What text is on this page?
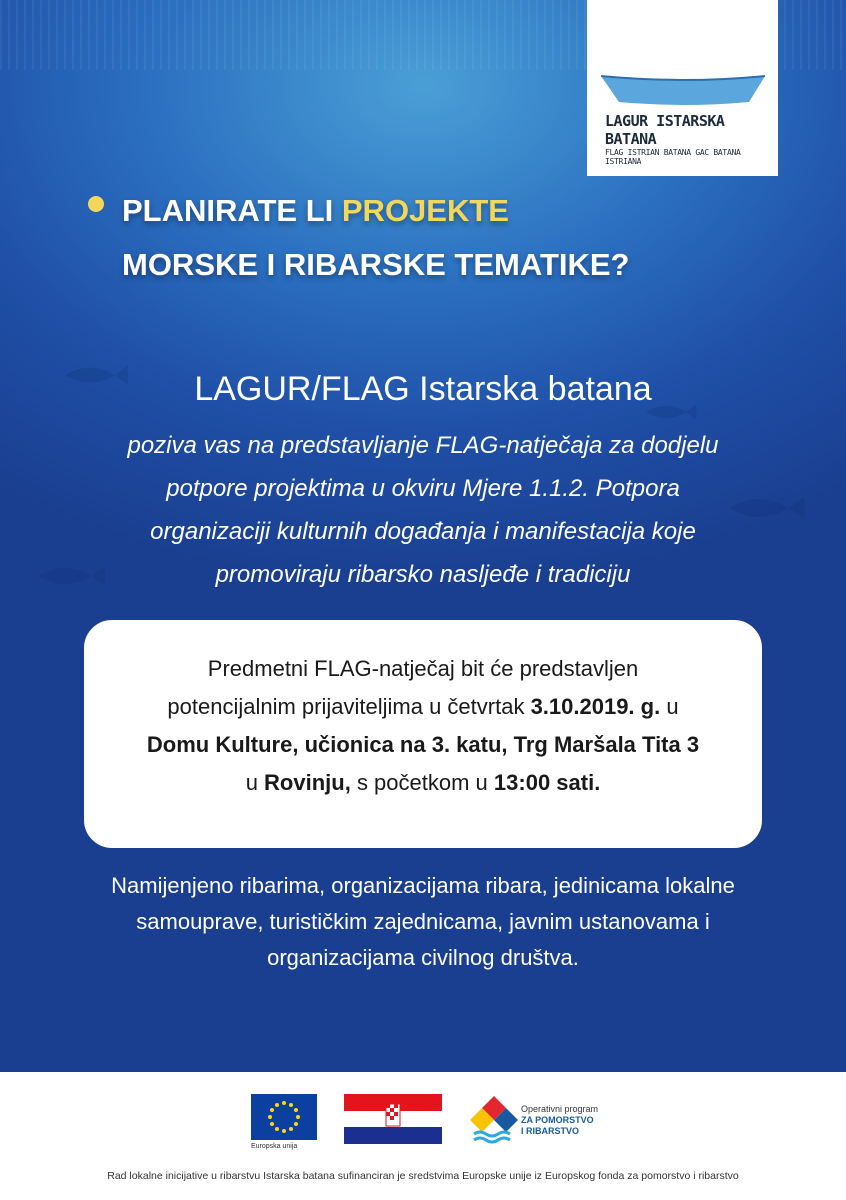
LAGUR ISTARSKA BATANA
FLAG ISTRIAN BATANA GAC BATANA ISTRIANA
PLANIRATE LI PROJEKTE
MORSKE I RIBARSKE TEMATIKE?
LAGUR/FLAG Istarska batana
poziva vas na predstavljanje FLAG-natječaja za dodjelu
potpore projektima u okviru Mjere 1.1.2. Potpora
organizaciji kulturnih događanja i manifestacija koje
promoviraju ribarsko nasljeđe i tradiciju
Predmetni FLAG-natječaj bit će predstavljen
potencijalnim prijaviteljima u četvrtak 3.10.2019. g. u
Domu Kulture, učionica na 3. katu, Trg Maršala Tita 3
u Rovinju, s početkom u 13:00 sati.
Namijenjeno ribarima, organizacijama ribara, jedinicama lokalne
samouprave, turističkim zajednicama, javnim ustanovama i
organizacijama civilnog društva.
Europska unija
Operativni program
ZA POMORSTVO
I RIBARSTVO
Rad lokalne inicijative u ribarstvu Istarska batana sufinanciran je sredstvima Europske unije iz Europskog fonda za pomorstvo i ribarstvo
